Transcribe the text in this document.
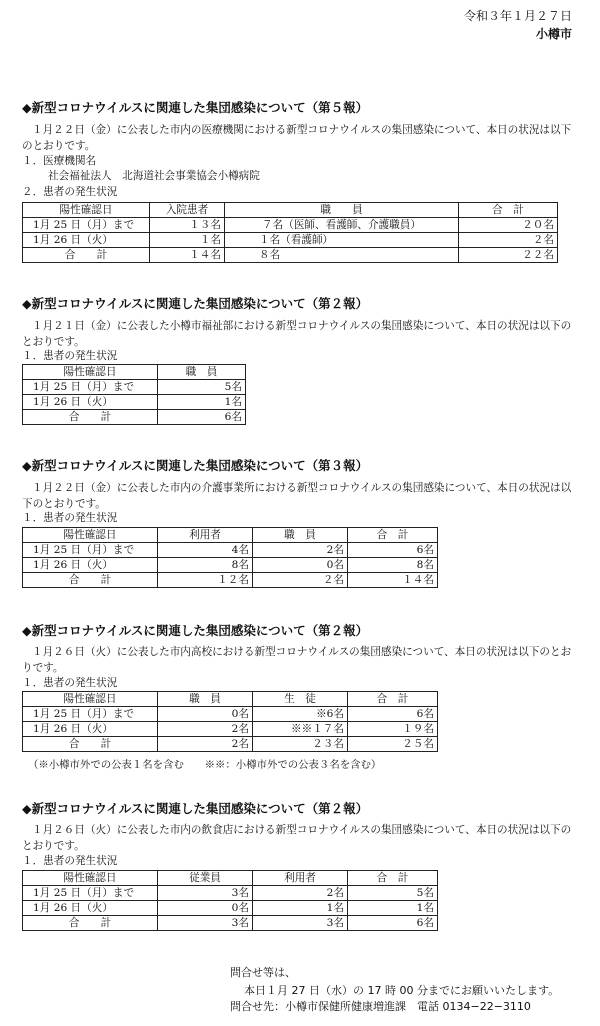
令和３年１月２７日
小樽市
◆新型コロナウイルスに関連した集団感染について（第５報）
１月２２日（金）に公表した市内の医療機関における新型コロナウイルスの集団感染について、本日の状況は以下のとおりです。
１．医療機関名
社会福祉法人　北海道社会事業協会小樽病院
２．患者の発生状況
陽性確認日	入院患者	職　　員	合　計
1月 25 日（月）まで	１３名	７名（医師、看護師、介護職員）	２０名
1月 26 日（火）	１名	１名（看護師）	２名
合　　計	１４名	８名	２２名
◆新型コロナウイルスに関連した集団感染について（第２報）
１月２１日（金）に公表した小樽市福祉部における新型コロナウイルスの集団感染について、本日の状況は以下のとおりです。
１．患者の発生状況
陽性確認日	職　員
1月 25 日（月）まで	5名
1月 26 日（火）	1名
合　　計	6名
◆新型コロナウイルスに関連した集団感染について（第３報）
１月２２日（金）に公表した市内の介護事業所における新型コロナウイルスの集団感染について、本日の状況は以下のとおりです。
１．患者の発生状況
陽性確認日	利用者	職　員	合　計
1月 25 日（月）まで	4名	2名	6名
1月 26 日（火）	8名	0名	8名
合　　計	１２名	２名	１４名
◆新型コロナウイルスに関連した集団感染について（第２報）
１月２６日（火）に公表した市内高校における新型コロナウイルスの集団感染について、本日の状況は以下のとおりです。
１．患者の発生状況
陽性確認日	職　員	生　徒	合　計
1月 25 日（月）まで	0名	※6名	6名
1月 26 日（火）	2名	※※１７名	１９名
合　　計	2名	２３名	２５名
（※小樽市外での公表１名を含む　　※※：小樽市外での公表３名を含む）
◆新型コロナウイルスに関連した集団感染について（第２報）
１月２６日（火）に公表した市内の飲食店における新型コロナウイルスの集団感染について、本日の状況は以下のとおりです。
１．患者の発生状況
陽性確認日	従業員	利用者	合　計
1月 25 日（月）まで	3名	2名	5名
1月 26 日（火）	0名	1名	1名
合　　計	3名	3名	6名
問合せ等は、
本日１月 27 日（水）の 17 時 00 分までにお願いいたします。
問合せ先：小樽市保健所健康増進課　電話 0134−22−3110
